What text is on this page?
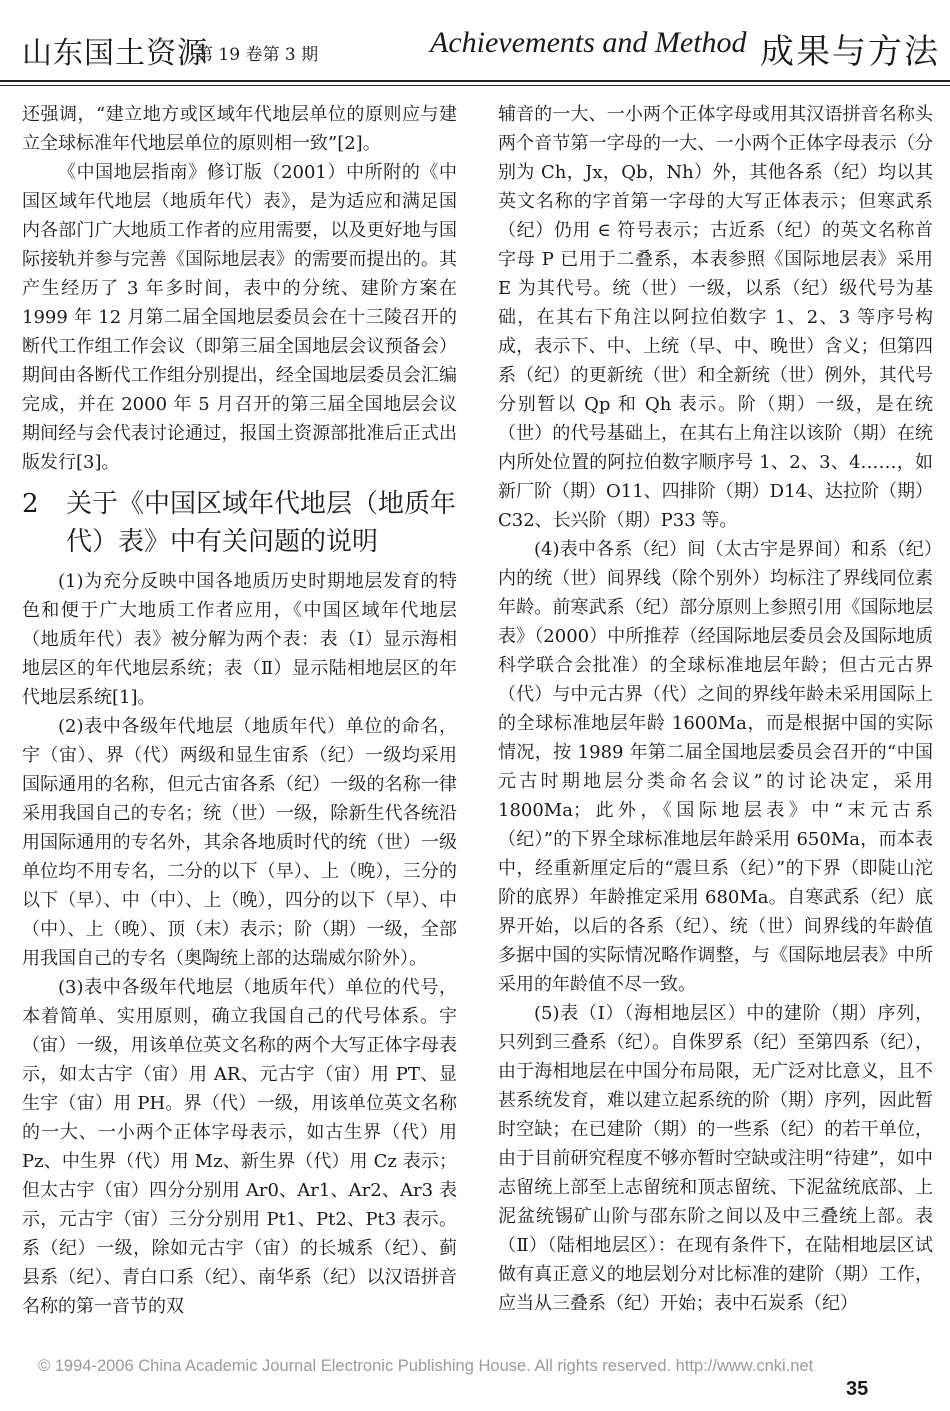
山东国土资源
第 19 卷第 3 期	Achievements and Method 成果与方法

还强调，“建立地方或区域年代地层单位的原则应与建立全球标准年代地层单位的原则相一致”[2]。

《中国地层指南》修订版（2001）中所附的《中国区域年代地层（地质年代）表》，是为适应和满足国内各部门广大地质工作者的应用需要，以及更好地与国际接轨并参与完善《国际地层表》的需要而提出的。其产生经历了 3 年多时间，表中的分统、建阶方案在 1999 年 12 月第二届全国地层委员会在十三陵召开的断代工作组工作会议（即第三届全国地层会议预备会）期间由各断代工作组分别提出，经全国地层委员会汇编完成，并在 2000 年 5 月召开的第三届全国地层会议期间经与会代表讨论通过，报国土资源部批准后正式出版发行[3]。

2 关于《中国区域年代地层（地质年代）表》中有关问题的说明

(1)为充分反映中国各地质历史时期地层发育的特色和便于广大地质工作者应用，《中国区域年代地层（地质年代）表》被分解为两个表：表（Ⅰ）显示海相地层区的年代地层系统；表（Ⅱ）显示陆相地层区的年代地层系统[1]。

(2)表中各级年代地层（地质年代）单位的命名，宇（宙）、界（代）两级和显生宙系（纪）一级均采用国际通用的名称，但元古宙各系（纪）一级的名称一律采用我国自己的专名；统（世）一级，除新生代各统沿用国际通用的专名外，其余各地质时代的统（世）一级单位均不用专名，二分的以下（早）、上（晚），三分的以下（早）、中（中）、上（晚），四分的以下（早）、中（中）、上（晚）、顶（末）表示；阶（期）一级，全部用我国自己的专名（奥陶统上部的达瑞威尔阶外）。

(3)表中各级年代地层（地质年代）单位的代号，本着简单、实用原则，确立我国自己的代号体系。宇（宙）一级，用该单位英文名称的两个大写正体字母表示，如太古宇（宙）用 AR、元古宇（宙）用 PT、显生宇（宙）用 PH。界（代）一级，用该单位英文名称的一大、一小两个正体字母表示，如古生界（代）用 Pz、中生界（代）用 Mz、新生界（代）用 Cz 表示；但太古宇（宙）四分分别用 Ar0、Ar1、Ar2、Ar3 表示，元古宇（宙）三分分别用 Pt1、Pt2、Pt3 表示。系（纪）一级，除如元古宇（宙）的长城系（纪）、蓟县系（纪）、青白口系（纪）、南华系（纪）以汉语拼音名称的第一音节的双

辅音的一大、一小两个正体字母或用其汉语拼音名称头两个音节第一字母的一大、一小两个正体字母表示（分别为 Ch，Jx，Qb，Nh）外，其他各系（纪）均以其英文名称的字首第一字母的大写正体表示；但寒武系（纪）仍用 ∈ 符号表示；古近系（纪）的英文名称首字母 P 已用于二叠系，本表参照《国际地层表》采用 E 为其代号。统（世）一级，以系（纪）级代号为基础，在其右下角注以阿拉伯数字 1、2、3 等序号构成，表示下、中、上统（早、中、晚世）含义；但第四系（纪）的更新统（世）和全新统（世）例外，其代号分别暂以 Qp 和 Qh 表示。阶（期）一级，是在统（世）的代号基础上，在其右上角注以该阶（期）在统内所处位置的阿拉伯数字顺序号 1、2、3、4……，如新厂阶（期）O11、四排阶（期）D14、达拉阶（期）C32、长兴阶（期）P33 等。

(4)表中各系（纪）间（太古宇是界间）和系（纪）内的统（世）间界线（除个别外）均标注了界线同位素年龄。前寒武系（纪）部分原则上参照引用《国际地层表》（2000）中所推荐（经国际地层委员会及国际地质科学联合会批准）的全球标准地层年龄；但古元古界（代）与中元古界（代）之间的界线年龄未采用国际上的全球标准地层年龄 1600Ma，而是根据中国的实际情况，按 1989 年第二届全国地层委员会召开的“中国元古时期地层分类命名会议”的讨论决定，采用 1800Ma；此外，《国际地层表》中“末元古系（纪）”的下界全球标准地层年龄采用 650Ma，而本表中，经重新厘定后的“震旦系（纪）”的下界（即陡山沱阶的底界）年龄推定采用 680Ma。自寒武系（纪）底界开始，以后的各系（纪）、统（世）间界线的年龄值多据中国的实际情况略作调整，与《国际地层表》中所采用的年龄值不尽一致。

(5)表（Ⅰ）（海相地层区）中的建阶（期）序列，只列到三叠系（纪）。自侏罗系（纪）至第四系（纪），由于海相地层在中国分布局限，无广泛对比意义，且不甚系统发育，难以建立起系统的阶（期）序列，因此暂时空缺；在已建阶（期）的一些系（纪）的若干单位，由于目前研究程度不够亦暂时空缺或注明“待建”，如中志留统上部至上志留统和顶志留统、下泥盆统底部、上泥盆统锡矿山阶与邵东阶之间以及中三叠统上部。表（Ⅱ）（陆相地层区）：在现有条件下，在陆相地层区试做有真正意义的地层划分对比标准的建阶（期）工作，应当从三叠系（纪）开始；表中石炭系（纪）

© 1994-2006 China Academic Journal Electronic Publishing House. All rights reserved. http://www.cnki.net
35
